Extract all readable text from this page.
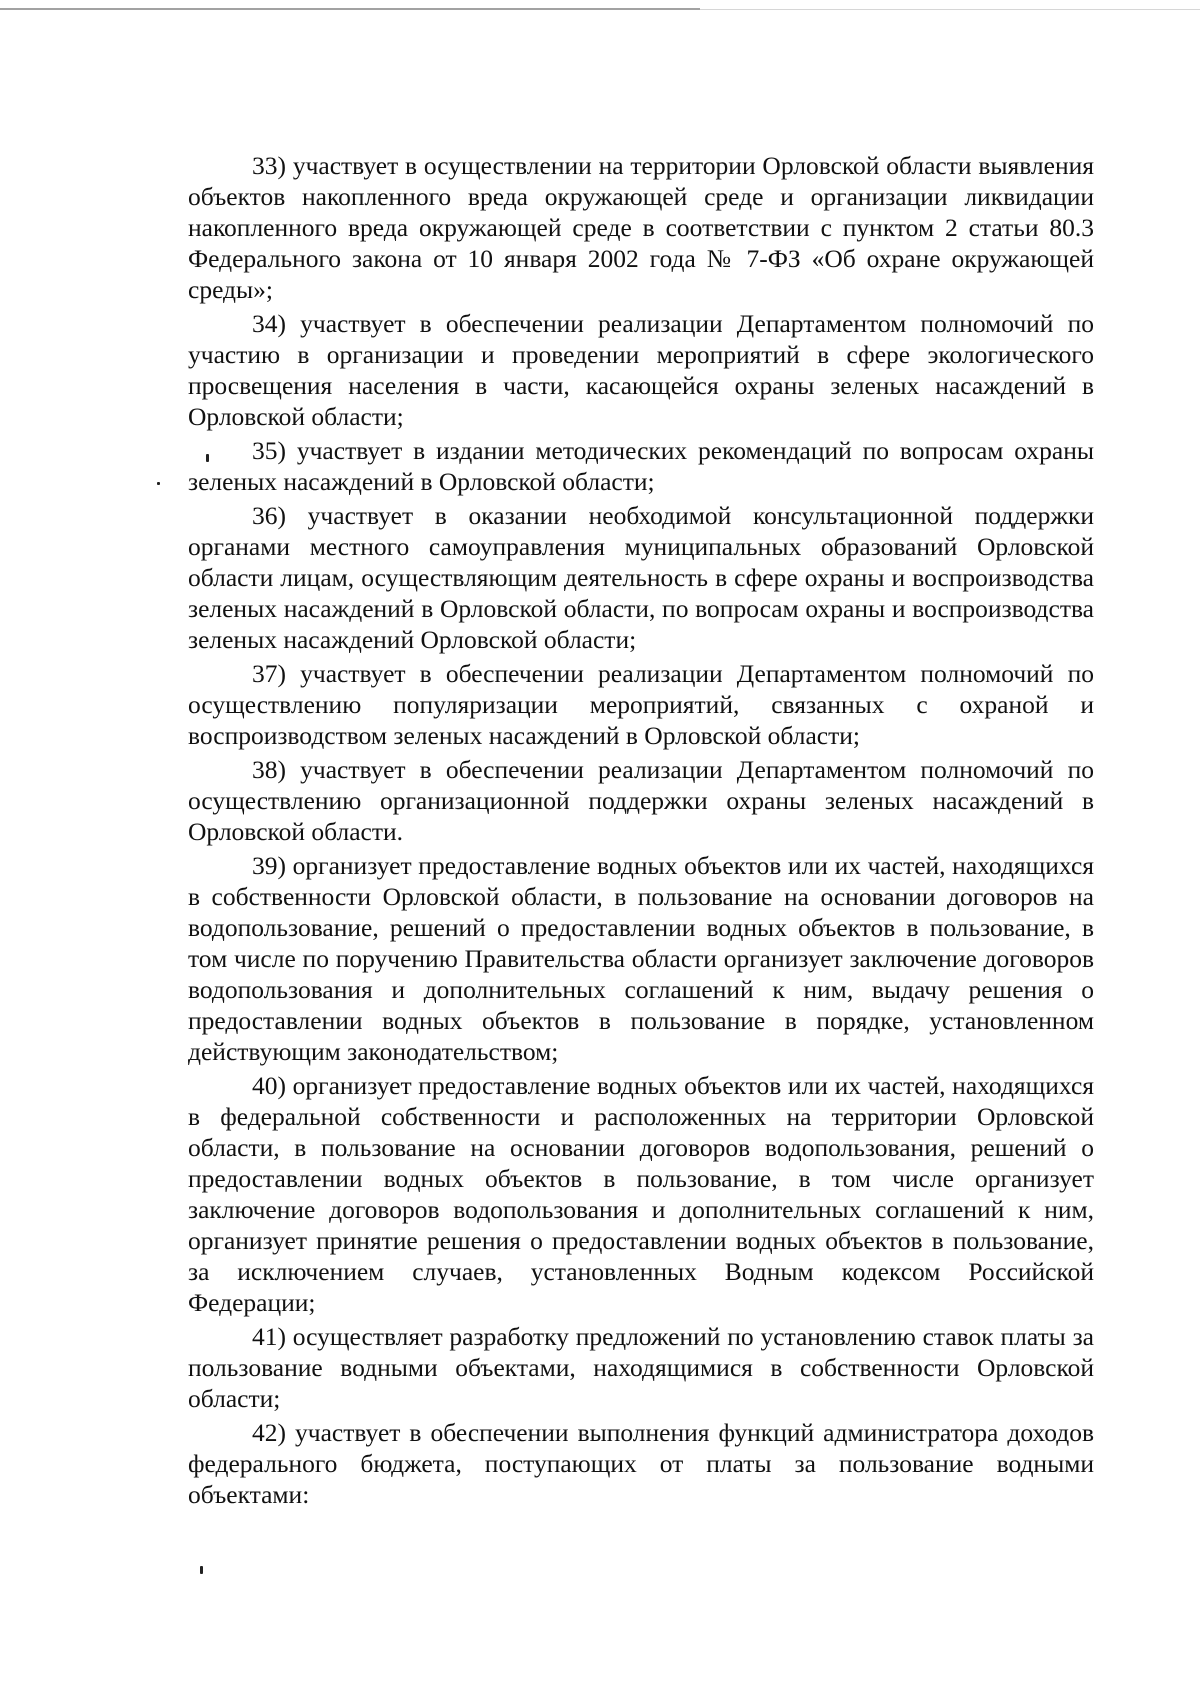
33) участвует в осуществлении на территории Орловской области выявления объектов накопленного вреда окружающей среде и организации ликвидации накопленного вреда окружающей среде в соответствии с пунктом 2 статьи 80.3 Федерального закона от 10 января 2002 года № 7-ФЗ «Об охране окружающей среды»;

34) участвует в обеспечении реализации Департаментом полномочий по участию в организации и проведении мероприятий в сфере экологического просвещения населения в части, касающейся охраны зеленых насаждений в Орловской области;

35) участвует в издании методических рекомендаций по вопросам охраны зеленых насаждений в Орловской области;

36) участвует в оказании необходимой консультационной поддержки органами местного самоуправления муниципальных образований Орловской области лицам, осуществляющим деятельность в сфере охраны и воспроизводства зеленых насаждений в Орловской области, по вопросам охраны и воспроизводства зеленых насаждений Орловской области;

37) участвует в обеспечении реализации Департаментом полномочий по осуществлению популяризации мероприятий, связанных с охраной и воспроизводством зеленых насаждений в Орловской области;

38) участвует в обеспечении реализации Департаментом полномочий по осуществлению организационной поддержки охраны зеленых насаждений в Орловской области.

39) организует предоставление водных объектов или их частей, находящихся в собственности Орловской области, в пользование на основании договоров на водопользование, решений о предоставлении водных объектов в пользование, в том числе по поручению Правительства области организует заключение договоров водопользования и дополнительных соглашений к ним, выдачу решения о предоставлении водных объектов в пользование в порядке, установленном действующим законодательством;

40) организует предоставление водных объектов или их частей, находящихся в федеральной собственности и расположенных на территории Орловской области, в пользование на основании договоров водопользования, решений о предоставлении водных объектов в пользование, в том числе организует заключение договоров водопользования и дополнительных соглашений к ним, организует принятие решения о предоставлении водных объектов в пользование, за исключением случаев, установленных Водным кодексом Российской Федерации;

41) осуществляет разработку предложений по установлению ставок платы за пользование водными объектами, находящимися в собственности Орловской области;

42) участвует в обеспечении выполнения функций администратора доходов федерального бюджета, поступающих от платы за пользование водными объектами:
